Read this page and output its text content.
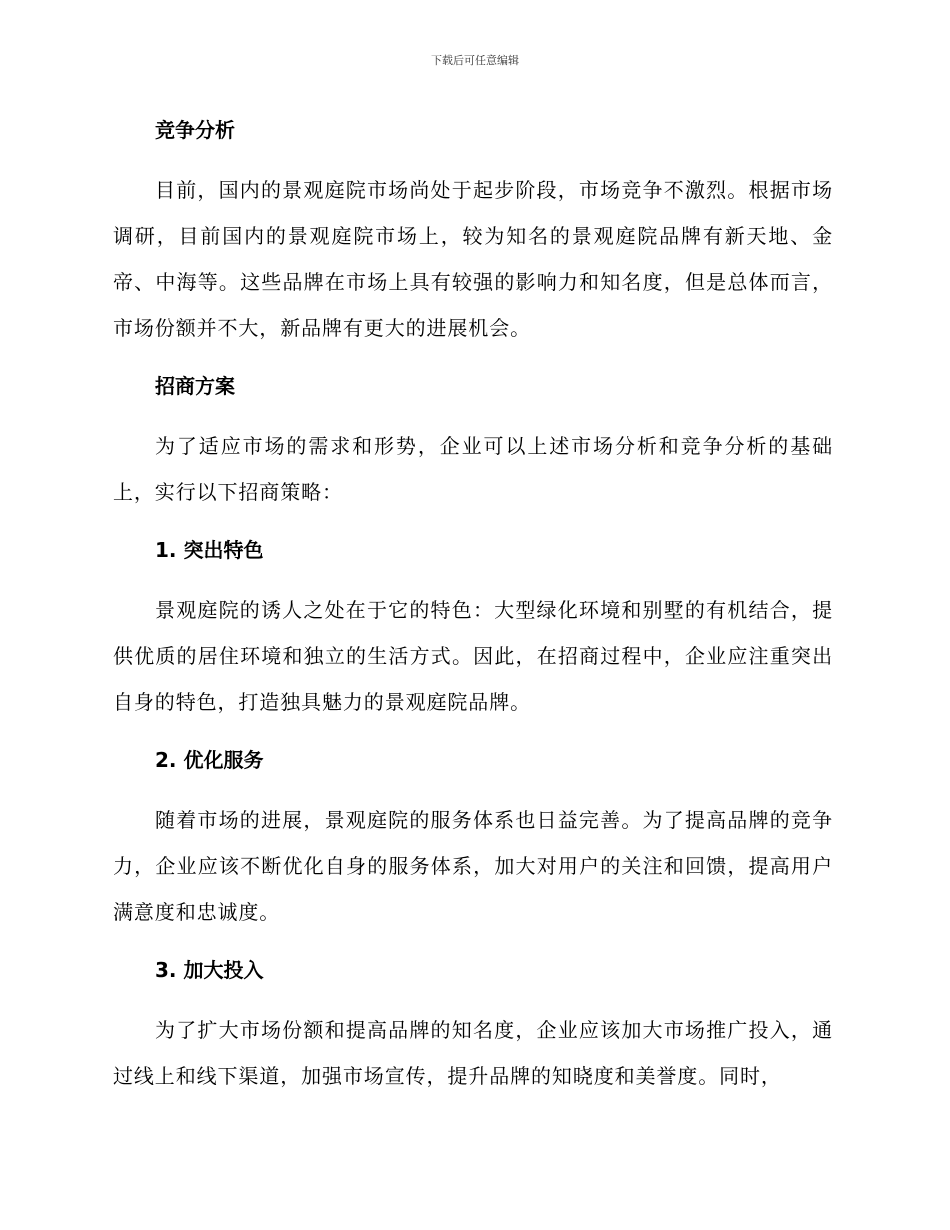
下载后可任意编辑
竞争分析

目前，国内的景观庭院市场尚处于起步阶段，市场竞争不激烈。根据市场调研，目前国内的景观庭院市场上，较为知名的景观庭院品牌有新天地、金帝、中海等。这些品牌在市场上具有较强的影响力和知名度，但是总体而言，市场份额并不大，新品牌有更大的进展机会。

招商方案

为了适应市场的需求和形势，企业可以上述市场分析和竞争分析的基础上，实行以下招商策略：

1. 突出特色

景观庭院的诱人之处在于它的特色：大型绿化环境和别墅的有机结合，提供优质的居住环境和独立的生活方式。因此，在招商过程中，企业应注重突出自身的特色，打造独具魅力的景观庭院品牌。

2. 优化服务

随着市场的进展，景观庭院的服务体系也日益完善。为了提高品牌的竞争力，企业应该不断优化自身的服务体系，加大对用户的关注和回馈，提高用户满意度和忠诚度。

3. 加大投入

为了扩大市场份额和提高品牌的知名度，企业应该加大市场推广投入，通过线上和线下渠道，加强市场宣传，提升品牌的知晓度和美誉度。同时，
